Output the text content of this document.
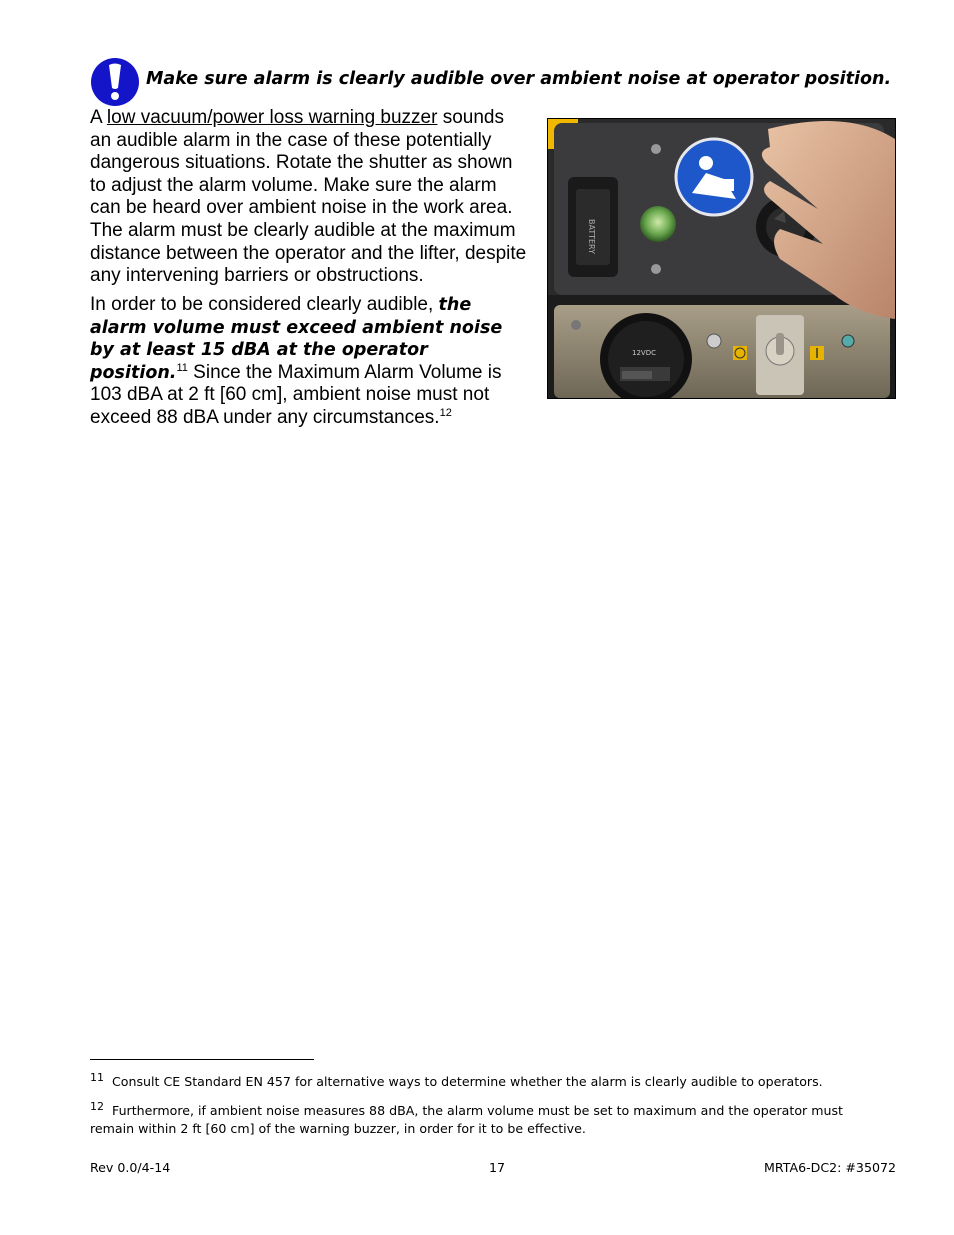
Make sure alarm is clearly audible over ambient noise at operator position.
A low vacuum/power loss warning buzzer sounds an audible alarm in the case of these potentially dangerous situations. Rotate the shutter as shown to adjust the alarm volume. Make sure the alarm can be heard over ambient noise in the work area. The alarm must be clearly audible at the maximum distance between the operator and the lifter, despite any intervening barriers or obstructions.
In order to be considered clearly audible, the alarm volume must exceed ambient noise by at least 15 dBA at the operator position.$^{11}$ Since the Maximum Alarm Volume is 103 dBA at 2 ft [60 cm], ambient noise must not exceed 88 dBA under any circumstances.$^{12}$
BATTERY
12VDC
$^{11}$ Consult CE Standard EN 457 for alternative ways to determine whether the alarm is clearly audible to operators.
$^{12}$ Furthermore, if ambient noise measures 88 dBA, the alarm volume must be set to maximum and the operator must remain within 2 ft [60 cm] of the warning buzzer, in order for it to be effective.
Rev 0.0/4-14	17	MRTA6-DC2: #35072
